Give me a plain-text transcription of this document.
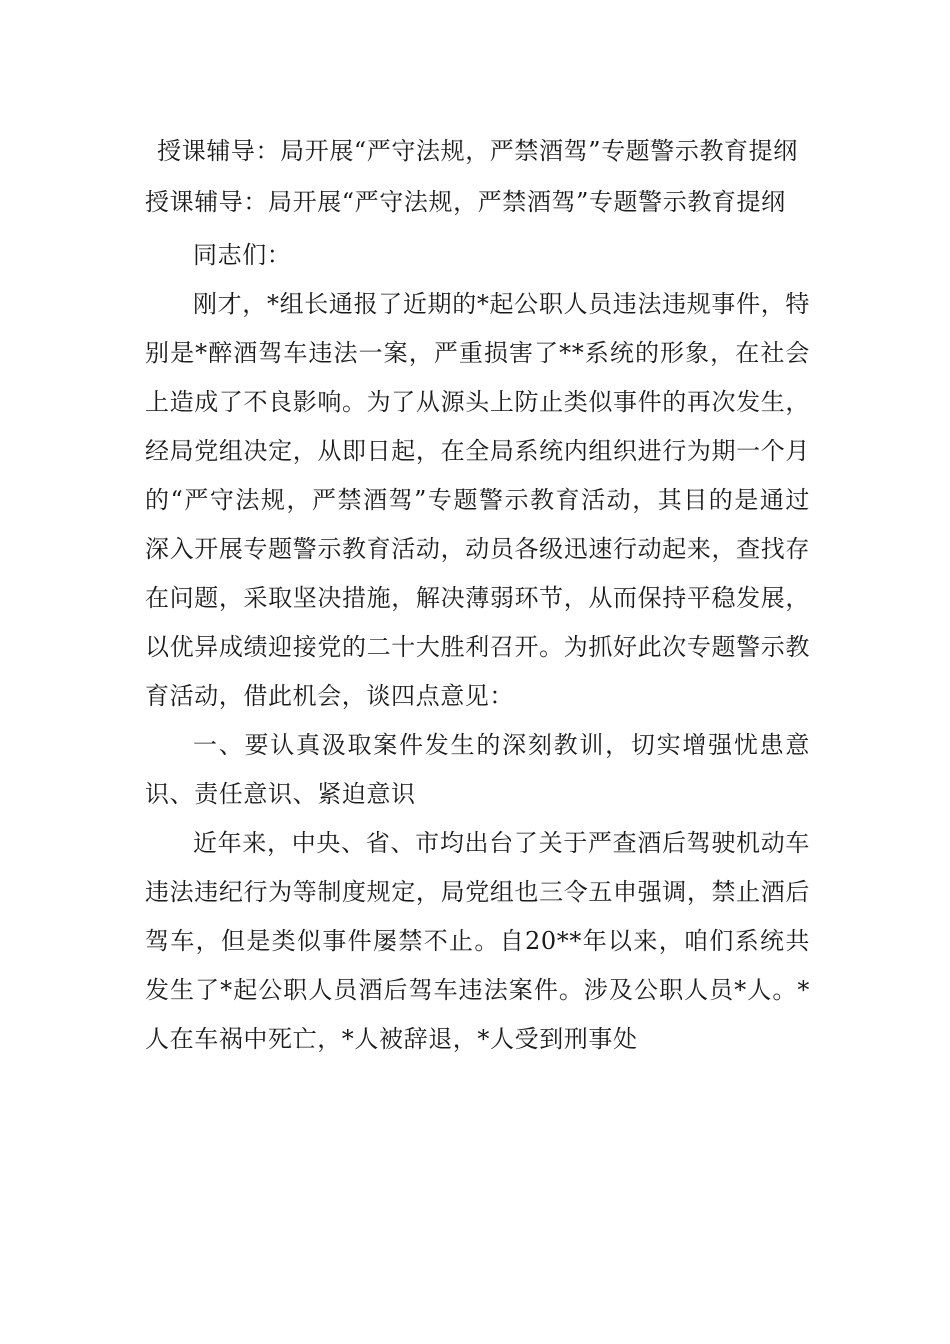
授课辅导：局开展“严守法规，严禁酒驾”专题警示教育提纲
授课辅导：局开展“严守法规，严禁酒驾”专题警示教育提纲

同志们：

刚才，*组长通报了近期的*起公职人员违法违规事件，特别是*醉酒驾车违法一案，严重损害了**系统的形象，在社会上造成了不良影响。为了从源头上防止类似事件的再次发生，经局党组决定，从即日起，在全局系统内组织进行为期一个月的“严守法规，严禁酒驾”专题警示教育活动，其目的是通过深入开展专题警示教育活动，动员各级迅速行动起来，查找存在问题，采取坚决措施，解决薄弱环节，从而保持平稳发展，以优异成绩迎接党的二十大胜利召开。为抓好此次专题警示教育活动，借此机会，谈四点意见：

一、要认真汲取案件发生的深刻教训，切实增强忧患意识、责任意识、紧迫意识

近年来，中央、省、市均出台了关于严查酒后驾驶机动车违法违纪行为等制度规定，局党组也三令五申强调，禁止酒后驾车，但是类似事件屡禁不止。自20**年以来，咱们系统共发生了*起公职人员酒后驾车违法案件。涉及公职人员*人。*人在车祸中死亡，*人被辞退，*人受到刑事处
